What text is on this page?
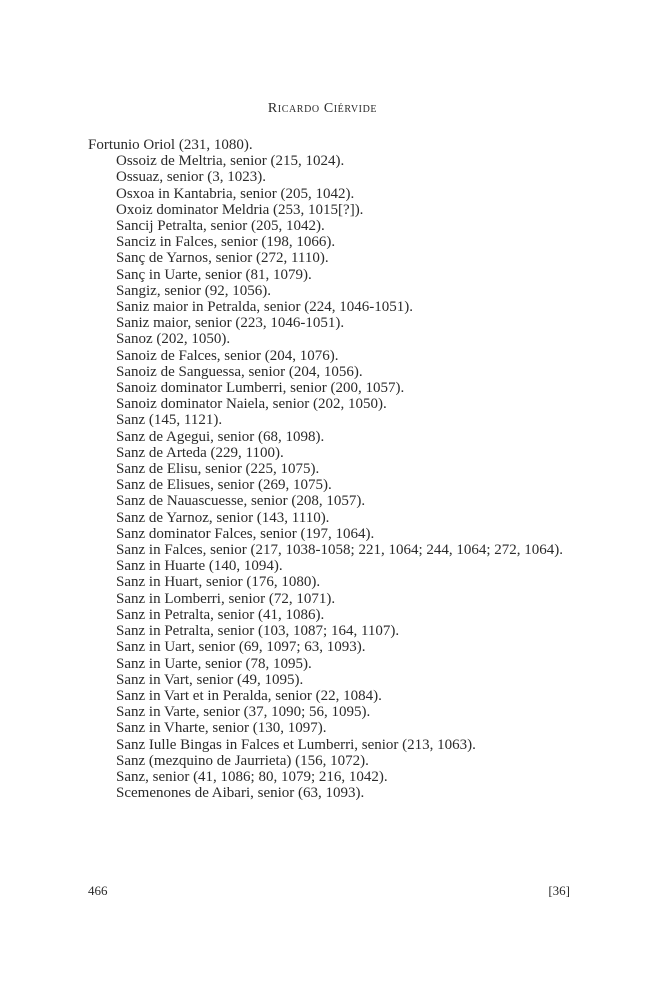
Ricardo Ciérvide

Fortunio Oriol (231, 1080).

Ossoiz de Meltria, senior (215, 1024).
Ossuaz, senior (3, 1023).
Osxoa in Kantabria, senior (205, 1042).
Oxoiz dominator Meldria (253, 1015[?]).
Sancij Petralta, senior (205, 1042).
Sanciz in Falces, senior (198, 1066).
Sanç de Yarnos, senior (272, 1110).
Sanç in Uarte, senior (81, 1079).
Sangiz, senior (92, 1056).
Saniz maior in Petralda, senior (224, 1046-1051).
Saniz maior, senior (223, 1046-1051).
Sanoz (202, 1050).
Sanoiz de Falces, senior (204, 1076).
Sanoiz de Sanguessa, senior (204, 1056).
Sanoiz dominator Lumberri, senior (200, 1057).
Sanoiz dominator Naiela, senior (202, 1050).
Sanz (145, 1121).
Sanz de Agegui, senior (68, 1098).
Sanz de Arteda (229, 1100).
Sanz de Elisu, senior (225, 1075).
Sanz de Elisues, senior (269, 1075).
Sanz de Nauascuesse, senior (208, 1057).
Sanz de Yarnoz, senior (143, 1110).
Sanz dominator Falces, senior (197, 1064).
Sanz in Falces, senior (217, 1038-1058; 221, 1064; 244, 1064; 272, 1064).
Sanz in Huarte (140, 1094).
Sanz in Huart, senior (176, 1080).
Sanz in Lomberri, senior (72, 1071).
Sanz in Petralta, senior (41, 1086).
Sanz in Petralta, senior (103, 1087; 164, 1107).
Sanz in Uart, senior (69, 1097; 63, 1093).
Sanz in Uarte, senior (78, 1095).
Sanz in Vart, senior (49, 1095).
Sanz in Vart et in Peralda, senior (22, 1084).
Sanz in Varte, senior (37, 1090; 56, 1095).
Sanz in Vharte, senior (130, 1097).
Sanz Iulle Bingas in Falces et Lumberri, senior (213, 1063).
Sanz (mezquino de Jaurrieta) (156, 1072).
Sanz, senior (41, 1086; 80, 1079; 216, 1042).
Scemenones de Aibari, senior (63, 1093).
466	[36]
